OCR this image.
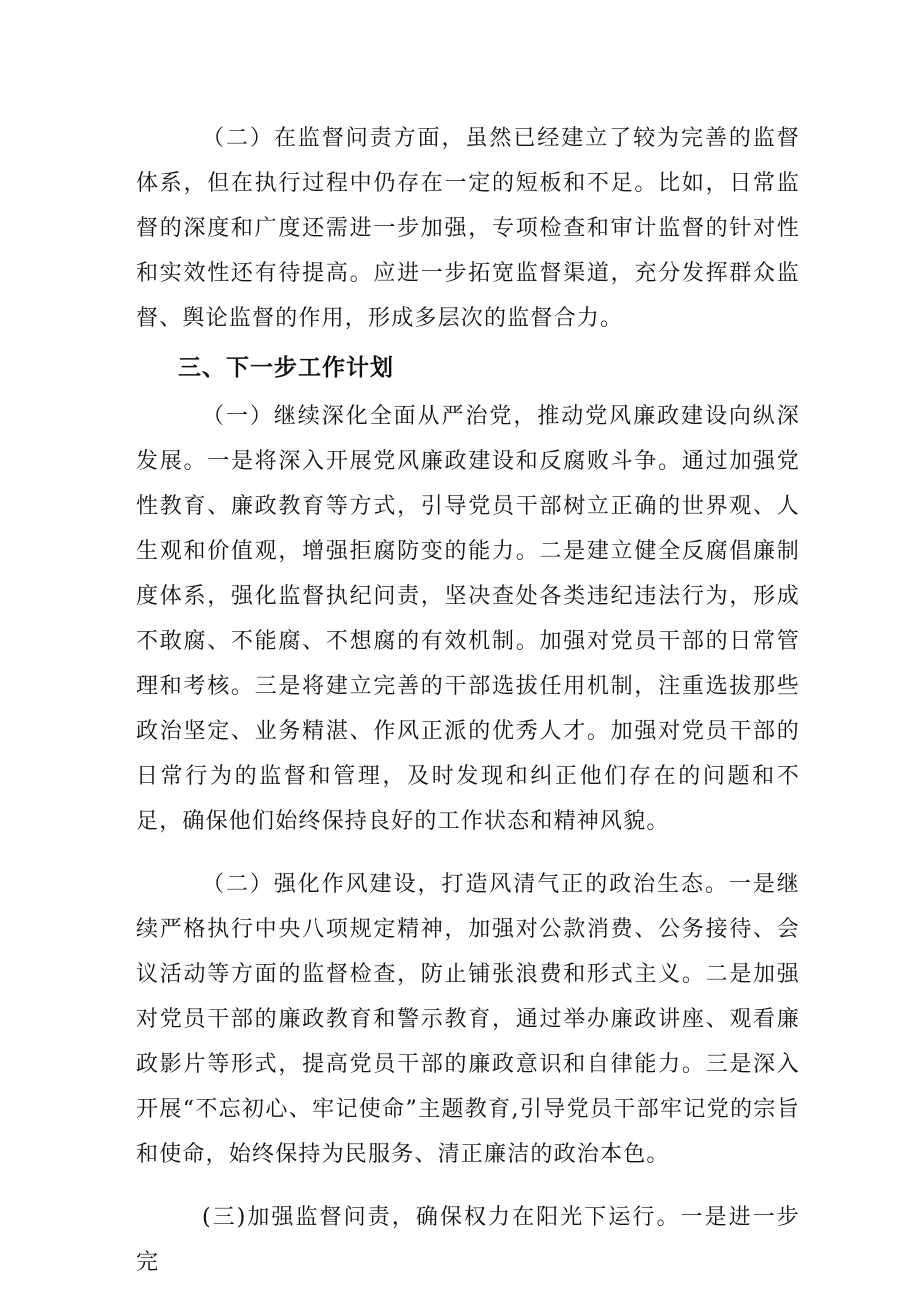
（二）在监督问责方面，虽然已经建立了较为完善的监督体系，但在执行过程中仍存在一定的短板和不足。比如，日常监督的深度和广度还需进一步加强，专项检查和审计监督的针对性和实效性还有待提高。应进一步拓宽监督渠道，充分发挥群众监督、舆论监督的作用，形成多层次的监督合力。

三、下一步工作计划

（一）继续深化全面从严治党，推动党风廉政建设向纵深发展。一是将深入开展党风廉政建设和反腐败斗争。通过加强党性教育、廉政教育等方式，引导党员干部树立正确的世界观、人生观和价值观，增强拒腐防变的能力。二是建立健全反腐倡廉制度体系，强化监督执纪问责，坚决查处各类违纪违法行为，形成不敢腐、不能腐、不想腐的有效机制。加强对党员干部的日常管理和考核。三是将建立完善的干部选拔任用机制，注重选拔那些政治坚定、业务精湛、作风正派的优秀人才。加强对党员干部的日常行为的监督和管理，及时发现和纠正他们存在的问题和不足，确保他们始终保持良好的工作状态和精神风貌。

（二）强化作风建设，打造风清气正的政治生态。一是继续严格执行中央八项规定精神，加强对公款消费、公务接待、会议活动等方面的监督检查，防止铺张浪费和形式主义。二是加强对党员干部的廉政教育和警示教育，通过举办廉政讲座、观看廉政影片等形式，提高党员干部的廉政意识和自律能力。三是深入开展“不忘初心、牢记使命”主题教育,引导党员干部牢记党的宗旨和使命，始终保持为民服务、清正廉洁的政治本色。

(三)加强监督问责，确保权力在阳光下运行。一是进一步完
